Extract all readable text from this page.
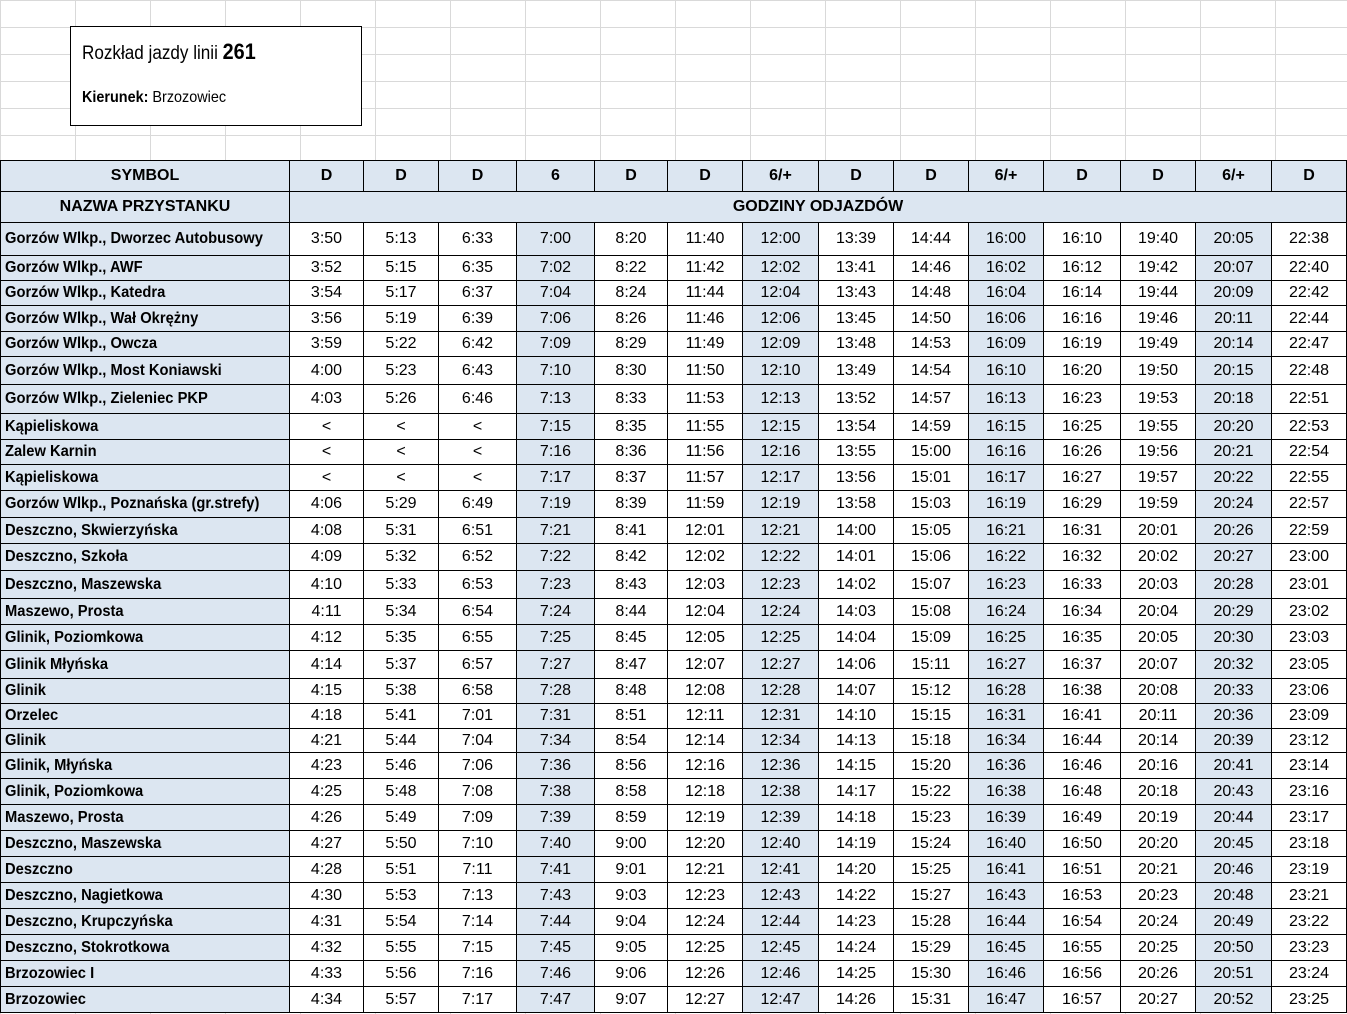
Rozkład jazdy linii 261
Kierunek: Brzozowiec
SYMBOL	D	D	D	6	D	D	6/+	D	D	6/+	D	D	6/+	D
NAZWA PRZYSTANKU	GODZINY ODJAZDÓW													
Gorzów Wlkp., Dworzec Autobusowy	3:50	5:13	6:33	7:00	8:20	11:40	12:00	13:39	14:44	16:00	16:10	19:40	20:05	22:38
Gorzów Wlkp., AWF	3:52	5:15	6:35	7:02	8:22	11:42	12:02	13:41	14:46	16:02	16:12	19:42	20:07	22:40
Gorzów Wlkp., Katedra	3:54	5:17	6:37	7:04	8:24	11:44	12:04	13:43	14:48	16:04	16:14	19:44	20:09	22:42
Gorzów Wlkp., Wał Okrężny	3:56	5:19	6:39	7:06	8:26	11:46	12:06	13:45	14:50	16:06	16:16	19:46	20:11	22:44
Gorzów Wlkp., Owcza	3:59	5:22	6:42	7:09	8:29	11:49	12:09	13:48	14:53	16:09	16:19	19:49	20:14	22:47
Gorzów Wlkp., Most Koniawski	4:00	5:23	6:43	7:10	8:30	11:50	12:10	13:49	14:54	16:10	16:20	19:50	20:15	22:48
Gorzów Wlkp., Zieleniec PKP	4:03	5:26	6:46	7:13	8:33	11:53	12:13	13:52	14:57	16:13	16:23	19:53	20:18	22:51
Kąpieliskowa	<	<	<	7:15	8:35	11:55	12:15	13:54	14:59	16:15	16:25	19:55	20:20	22:53
Zalew Karnin	<	<	<	7:16	8:36	11:56	12:16	13:55	15:00	16:16	16:26	19:56	20:21	22:54
Kąpieliskowa	<	<	<	7:17	8:37	11:57	12:17	13:56	15:01	16:17	16:27	19:57	20:22	22:55
Gorzów Wlkp., Poznańska (gr.strefy)	4:06	5:29	6:49	7:19	8:39	11:59	12:19	13:58	15:03	16:19	16:29	19:59	20:24	22:57
Deszczno, Skwierzyńska	4:08	5:31	6:51	7:21	8:41	12:01	12:21	14:00	15:05	16:21	16:31	20:01	20:26	22:59
Deszczno, Szkoła	4:09	5:32	6:52	7:22	8:42	12:02	12:22	14:01	15:06	16:22	16:32	20:02	20:27	23:00
Deszczno, Maszewska	4:10	5:33	6:53	7:23	8:43	12:03	12:23	14:02	15:07	16:23	16:33	20:03	20:28	23:01
Maszewo, Prosta	4:11	5:34	6:54	7:24	8:44	12:04	12:24	14:03	15:08	16:24	16:34	20:04	20:29	23:02
Glinik, Poziomkowa	4:12	5:35	6:55	7:25	8:45	12:05	12:25	14:04	15:09	16:25	16:35	20:05	20:30	23:03
Glinik Młyńska	4:14	5:37	6:57	7:27	8:47	12:07	12:27	14:06	15:11	16:27	16:37	20:07	20:32	23:05
Glinik	4:15	5:38	6:58	7:28	8:48	12:08	12:28	14:07	15:12	16:28	16:38	20:08	20:33	23:06
Orzelec	4:18	5:41	7:01	7:31	8:51	12:11	12:31	14:10	15:15	16:31	16:41	20:11	20:36	23:09
Glinik	4:21	5:44	7:04	7:34	8:54	12:14	12:34	14:13	15:18	16:34	16:44	20:14	20:39	23:12
Glinik, Młyńska	4:23	5:46	7:06	7:36	8:56	12:16	12:36	14:15	15:20	16:36	16:46	20:16	20:41	23:14
Glinik, Poziomkowa	4:25	5:48	7:08	7:38	8:58	12:18	12:38	14:17	15:22	16:38	16:48	20:18	20:43	23:16
Maszewo, Prosta	4:26	5:49	7:09	7:39	8:59	12:19	12:39	14:18	15:23	16:39	16:49	20:19	20:44	23:17
Deszczno, Maszewska	4:27	5:50	7:10	7:40	9:00	12:20	12:40	14:19	15:24	16:40	16:50	20:20	20:45	23:18
Deszczno	4:28	5:51	7:11	7:41	9:01	12:21	12:41	14:20	15:25	16:41	16:51	20:21	20:46	23:19
Deszczno, Nagietkowa	4:30	5:53	7:13	7:43	9:03	12:23	12:43	14:22	15:27	16:43	16:53	20:23	20:48	23:21
Deszczno, Krupczyńska	4:31	5:54	7:14	7:44	9:04	12:24	12:44	14:23	15:28	16:44	16:54	20:24	20:49	23:22
Deszczno, Stokrotkowa	4:32	5:55	7:15	7:45	9:05	12:25	12:45	14:24	15:29	16:45	16:55	20:25	20:50	23:23
Brzozowiec I	4:33	5:56	7:16	7:46	9:06	12:26	12:46	14:25	15:30	16:46	16:56	20:26	20:51	23:24
Brzozowiec	4:34	5:57	7:17	7:47	9:07	12:27	12:47	14:26	15:31	16:47	16:57	20:27	20:52	23:25
